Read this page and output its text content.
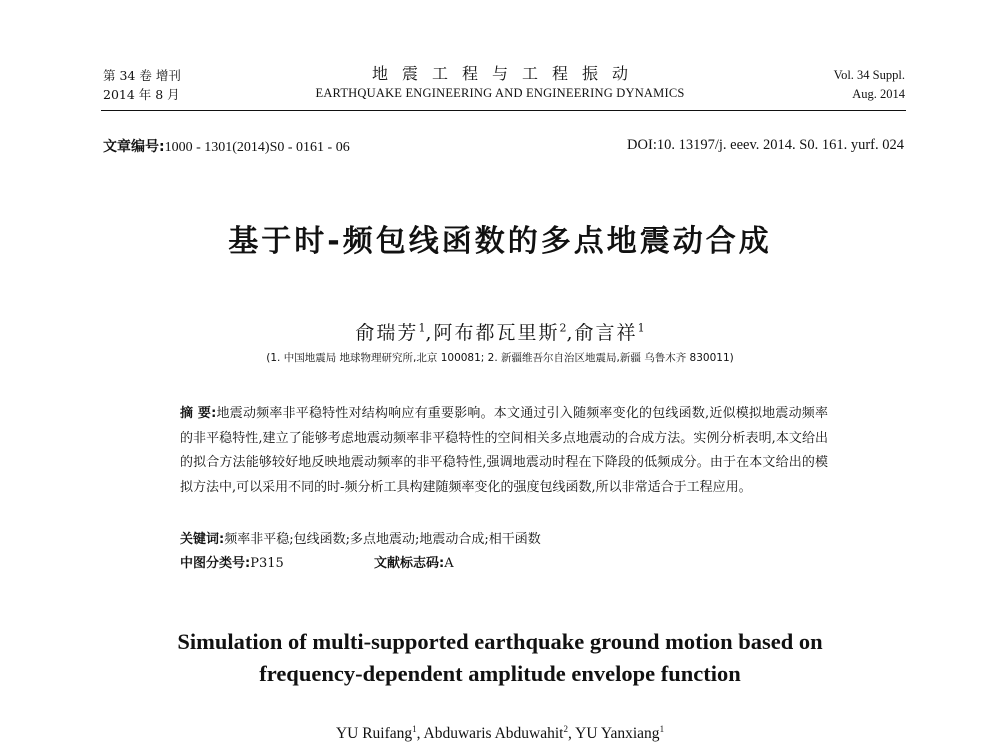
第 34 卷 增刊
2014 年 8 月
地震工程与工程振动
EARTHQUAKE ENGINEERING AND ENGINEERING DYNAMICS
Vol. 34 Suppl.
Aug. 2014
文章编号:1000 - 1301(2014)S0 - 0161 - 06	DOI:10. 13197/j. eeev. 2014. S0. 161. yurf. 024
基于时-频包线函数的多点地震动合成
俞瑞芳$^1$,阿布都瓦里斯$^2$,俞言祥$^1$
(1. 中国地震局 地球物理研究所,北京 100081; 2. 新疆维吾尔自治区地震局,新疆 乌鲁木齐 830011)
摘 要:地震动频率非平稳特性对结构响应有重要影响。本文通过引入随频率变化的包线函数,近似模拟地震动频率的非平稳特性,建立了能够考虑地震动频率非平稳特性的空间相关多点地震动的合成方法。实例分析表明,本文给出的拟合方法能够较好地反映地震动频率的非平稳特性,强调地震动时程在下降段的低频成分。由于在本文给出的模拟方法中,可以采用不同的时-频分析工具构建随频率变化的强度包线函数,所以非常适合于工程应用。
关键词:频率非平稳;包线函数;多点地震动;地震动合成;相干函数
中图分类号:P315	文献标志码:A
Simulation of multi-supported earthquake ground motion based on
frequency-dependent amplitude envelope function
YU Ruifang$^1$, Abduwaris Abduwahit$^2$, YU Yanxiang$^1$
